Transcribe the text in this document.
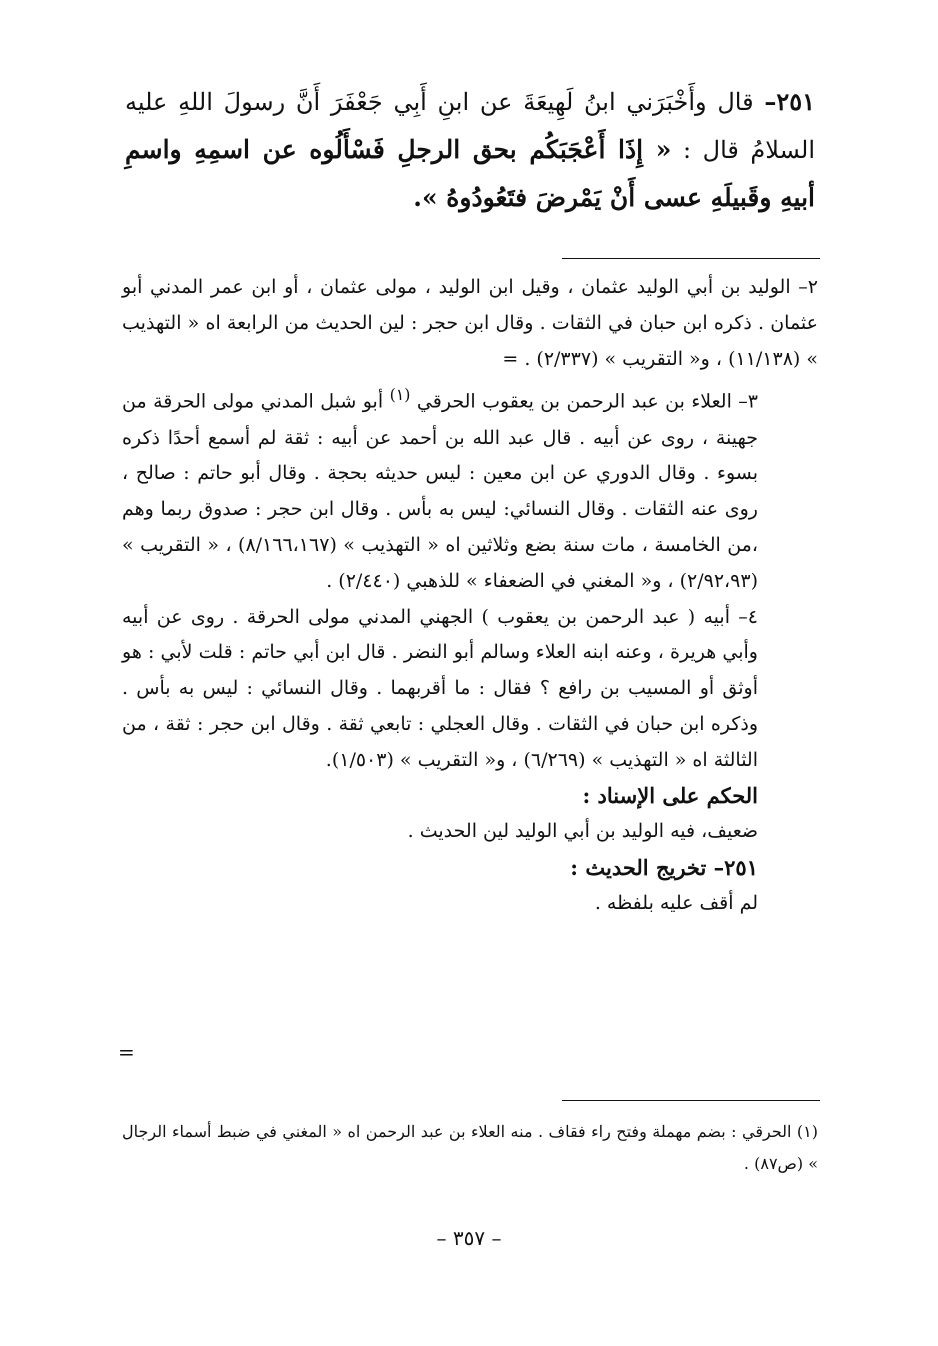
٢٥١– قال وأَخْبَرَني ابنُ لَهِيعَةَ عن ابنِ أَبِي جَعْفَرَ أَنَّ رسولَ اللهِ عليه السلامُ قال : « إِذَا أَعْجَبَكُم بحق الرجلِ فَسْأَلُوه عن اسمِهِ واسمِ أبيهِ وقَبيلَهِ عسى أَنْ يَمْرضَ فتَعُودُوهُ ».

٢– الوليد بن أبي الوليد عثمان ، وقيل ابن الوليد ، مولى عثمان ، أو ابن عمر المدني أبو عثمان . ذكره ابن حبان في الثقات . وقال ابن حجر : لين الحديث من الرابعة اه « التهذيب » (١١/١٣٨) ، و« التقريب » (٢/٣٣٧) . =

٣– العلاء بن عبد الرحمن بن يعقوب الحرقي $^{(١)}$ أبو شبل المدني مولى الحرقة من جهينة ، روى عن أبيه . قال عبد الله بن أحمد عن أبيه : ثقة لم أسمع أحدًا ذكره بسوء . وقال الدوري عن ابن معين : ليس حديثه بحجة . وقال أبو حاتم : صالح ، روى عنه الثقات . وقال النسائي: ليس به بأس . وقال ابن حجر : صدوق ربما وهم ،من الخامسة ، مات سنة بضع وثلاثين اه « التهذيب » (٨/١٦٦،١٦٧) ، « التقريب » (٢/٩٢،٩٣) ، و« المغني في الضعفاء » للذهبي (٢/٤٤٠) .

٤– أبيه ( عبد الرحمن بن يعقوب ) الجهني المدني مولى الحرقة . روى عن أبيه وأبي هريرة ، وعنه ابنه العلاء وسالم أبو النضر . قال ابن أبي حاتم : قلت لأبي : هو أوثق أو المسيب بن رافع ؟ فقال : ما أقربهما . وقال النسائي : ليس به بأس . وذكره ابن حبان في الثقات . وقال العجلي : تابعي ثقة . وقال ابن حجر : ثقة ، من الثالثة اه « التهذيب » (٦/٢٦٩) ، و« التقريب » (١/٥٠٣).

الحكم على الإسناد :

ضعيف، فيه الوليد بن أبي الوليد لين الحديث .

٢٥١– تخريج الحديث :

لم أقف عليه بلفظه .

=

(١) الحرقي : بضم مهملة وفتح راء فقاف . منه العلاء بن عبد الرحمن اه « المغني في ضبط أسماء الرجال » (ص٨٧) .

– ٣٥٧ –
